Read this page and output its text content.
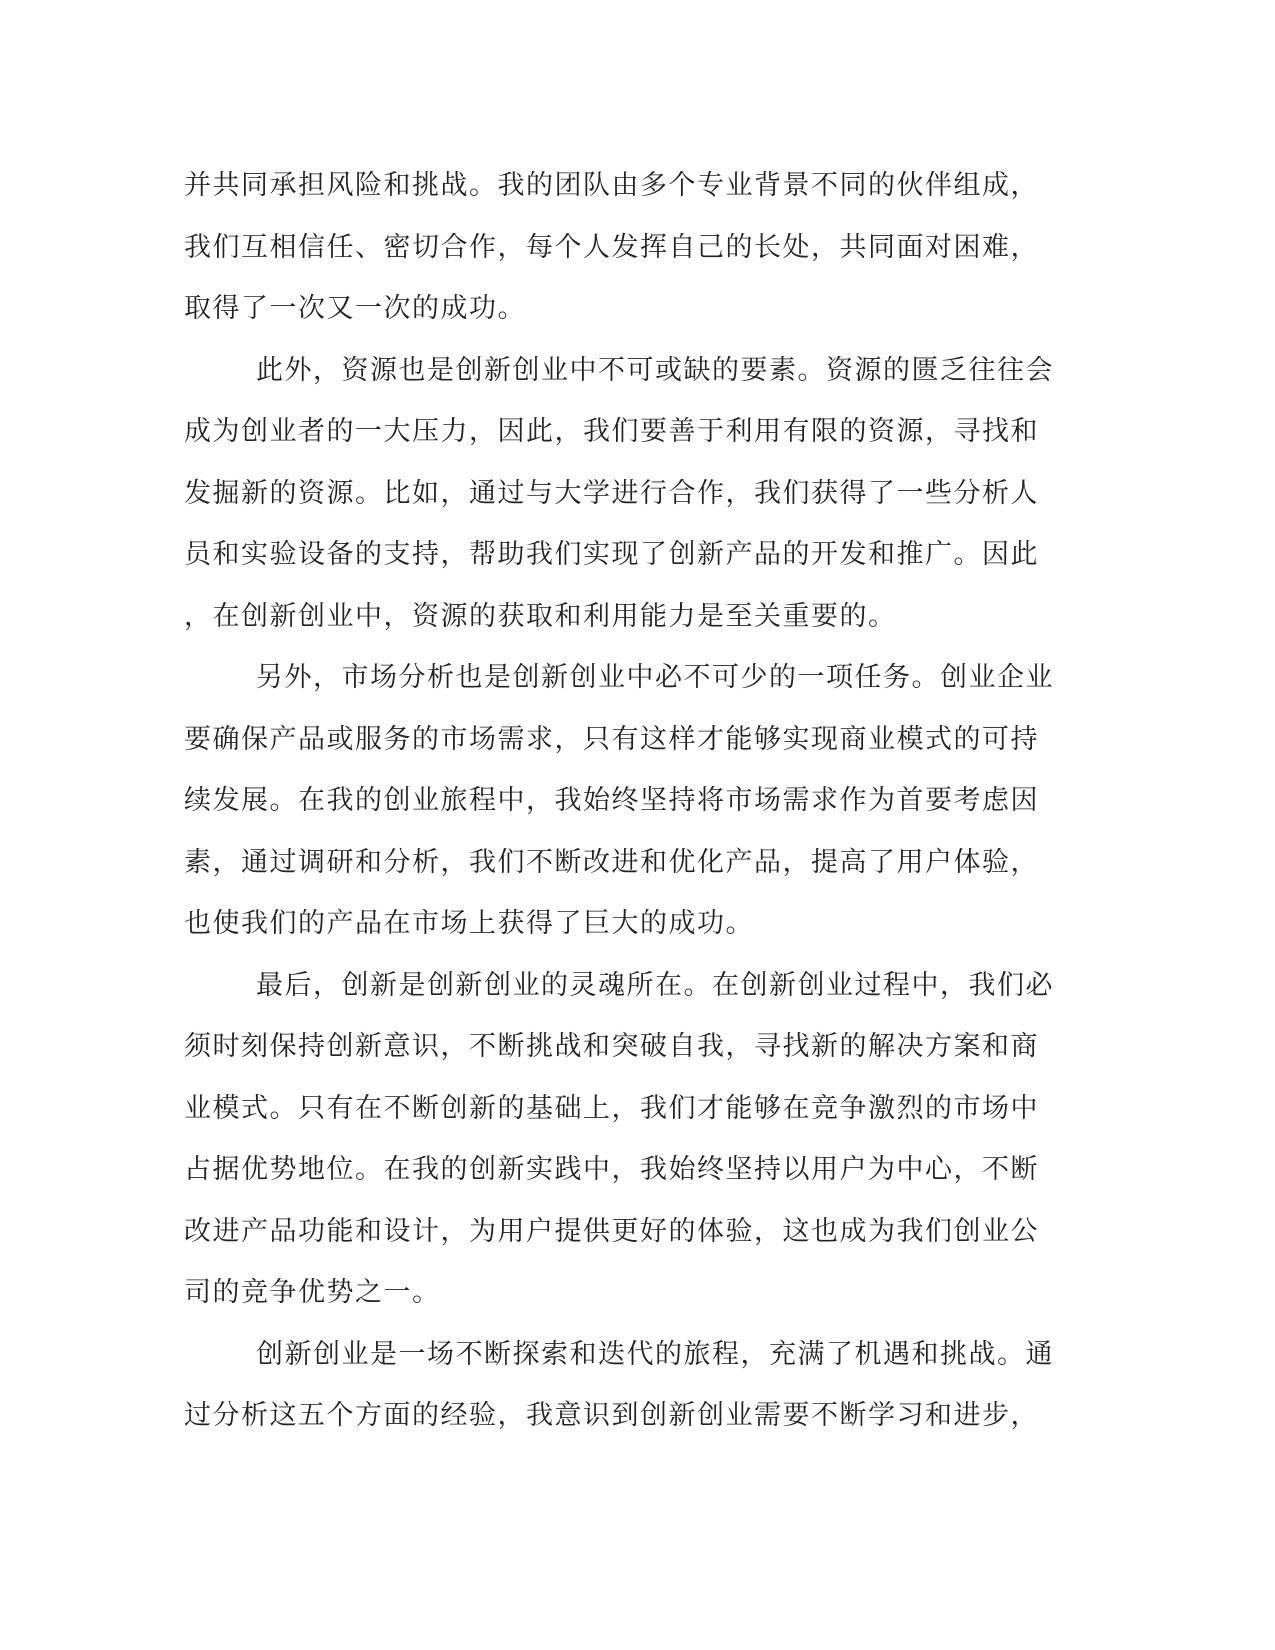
并共同承担风险和挑战。我的团队由多个专业背景不同的伙伴组成，
我们互相信任、密切合作，每个人发挥自己的长处，共同面对困难，
取得了一次又一次的成功。
此外，资源也是创新创业中不可或缺的要素。资源的匮乏往往会
成为创业者的一大压力，因此，我们要善于利用有限的资源，寻找和
发掘新的资源。比如，通过与大学进行合作，我们获得了一些分析人
员和实验设备的支持，帮助我们实现了创新产品的开发和推广。因此
，在创新创业中，资源的获取和利用能力是至关重要的。
另外，市场分析也是创新创业中必不可少的一项任务。创业企业
要确保产品或服务的市场需求，只有这样才能够实现商业模式的可持
续发展。在我的创业旅程中，我始终坚持将市场需求作为首要考虑因
素，通过调研和分析，我们不断改进和优化产品，提高了用户体验，
也使我们的产品在市场上获得了巨大的成功。
最后，创新是创新创业的灵魂所在。在创新创业过程中，我们必
须时刻保持创新意识，不断挑战和突破自我，寻找新的解决方案和商
业模式。只有在不断创新的基础上，我们才能够在竞争激烈的市场中
占据优势地位。在我的创新实践中，我始终坚持以用户为中心，不断
改进产品功能和设计，为用户提供更好的体验，这也成为我们创业公
司的竞争优势之一。
创新创业是一场不断探索和迭代的旅程，充满了机遇和挑战。通
过分析这五个方面的经验，我意识到创新创业需要不断学习和进步，
